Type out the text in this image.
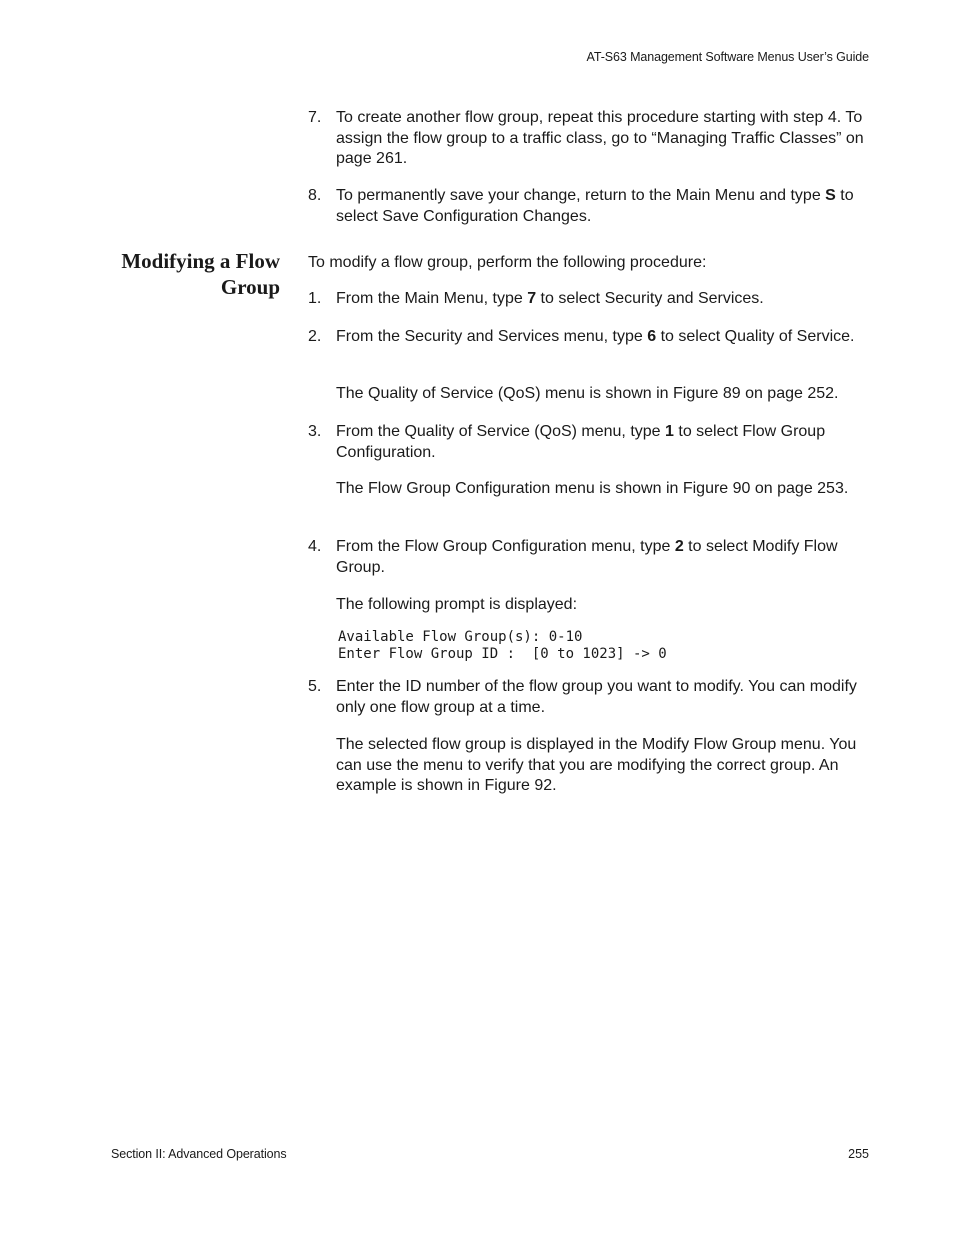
AT-S63 Management Software Menus User’s Guide
7. To create another flow group, repeat this procedure starting with step 4. To assign the flow group to a traffic class, go to “Managing Traffic Classes” on page 261.
8. To permanently save your change, return to the Main Menu and type S to select Save Configuration Changes.
Modifying a Flow Group
To modify a flow group, perform the following procedure:
1. From the Main Menu, type 7 to select Security and Services.
2. From the Security and Services menu, type 6 to select Quality of Service.
The Quality of Service (QoS) menu is shown in Figure 89 on page 252.
3. From the Quality of Service (QoS) menu, type 1 to select Flow Group Configuration.
The Flow Group Configuration menu is shown in Figure 90 on page 253.
4. From the Flow Group Configuration menu, type 2 to select Modify Flow Group.
The following prompt is displayed:
Available Flow Group(s): 0-10
Enter Flow Group ID :  [0 to 1023] -> 0
5. Enter the ID number of the flow group you want to modify. You can modify only one flow group at a time.
The selected flow group is displayed in the Modify Flow Group menu. You can use the menu to verify that you are modifying the correct group. An example is shown in Figure 92.
Section II: Advanced Operations	255
